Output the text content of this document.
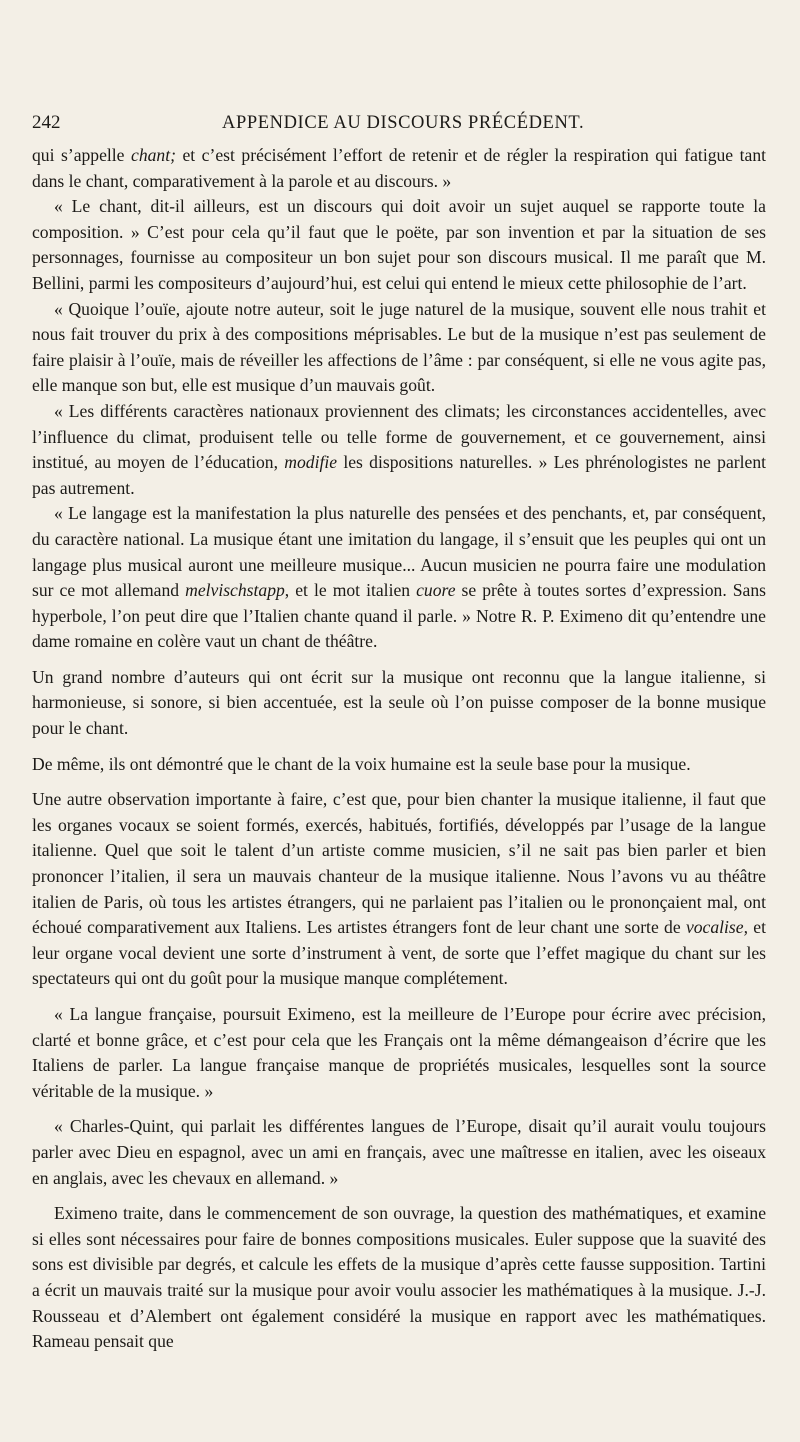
242	APPENDICE AU DISCOURS PRÉCÉDENT.

qui s’appelle chant; et c’est précisément l’effort de retenir et de régler la respiration qui fatigue tant dans le chant, comparativement à la parole et au discours. »

« Le chant, dit-il ailleurs, est un discours qui doit avoir un sujet auquel se rapporte toute la composition. » C’est pour cela qu’il faut que le poëte, par son invention et par la situation de ses personnages, fournisse au compositeur un bon sujet pour son discours musical. Il me paraît que M. Bellini, parmi les compositeurs d’aujourd’hui, est celui qui entend le mieux cette philosophie de l’art.

« Quoique l’ouïe, ajoute notre auteur, soit le juge naturel de la musique, souvent elle nous trahit et nous fait trouver du prix à des compositions méprisables. Le but de la musique n’est pas seulement de faire plaisir à l’ouïe, mais de réveiller les affections de l’âme : par conséquent, si elle ne vous agite pas, elle manque son but, elle est musique d’un mauvais goût.

« Les différents caractères nationaux proviennent des climats; les circonstances accidentelles, avec l’influence du climat, produisent telle ou telle forme de gouvernement, et ce gouvernement, ainsi institué, au moyen de l’éducation, modifie les dispositions naturelles. » Les phrénologistes ne parlent pas autrement.

« Le langage est la manifestation la plus naturelle des pensées et des penchants, et, par conséquent, du caractère national. La musique étant une imitation du langage, il s’ensuit que les peuples qui ont un langage plus musical auront une meilleure musique... Aucun musicien ne pourra faire une modulation sur ce mot allemand melvischstapp, et le mot italien cuore se prête à toutes sortes d’expression. Sans hyperbole, l’on peut dire que l’Italien chante quand il parle. » Notre R. P. Eximeno dit qu’entendre une dame romaine en colère vaut un chant de théâtre.

Un grand nombre d’auteurs qui ont écrit sur la musique ont reconnu que la langue italienne, si harmonieuse, si sonore, si bien accentuée, est la seule où l’on puisse composer de la bonne musique pour le chant.

De même, ils ont démontré que le chant de la voix humaine est la seule base pour la musique.

Une autre observation importante à faire, c’est que, pour bien chanter la musique italienne, il faut que les organes vocaux se soient formés, exercés, habitués, fortifiés, développés par l’usage de la langue italienne. Quel que soit le talent d’un artiste comme musicien, s’il ne sait pas bien parler et bien prononcer l’italien, il sera un mauvais chanteur de la musique italienne. Nous l’avons vu au théâtre italien de Paris, où tous les artistes étrangers, qui ne parlaient pas l’italien ou le prononçaient mal, ont échoué comparativement aux Italiens. Les artistes étrangers font de leur chant une sorte de vocalise, et leur organe vocal devient une sorte d’instrument à vent, de sorte que l’effet magique du chant sur les spectateurs qui ont du goût pour la musique manque complétement.

« La langue française, poursuit Eximeno, est la meilleure de l’Europe pour écrire avec précision, clarté et bonne grâce, et c’est pour cela que les Français ont la même démangeaison d’écrire que les Italiens de parler. La langue française manque de propriétés musicales, lesquelles sont la source véritable de la musique. »

« Charles-Quint, qui parlait les différentes langues de l’Europe, disait qu’il aurait voulu toujours parler avec Dieu en espagnol, avec un ami en français, avec une maîtresse en italien, avec les oiseaux en anglais, avec les chevaux en allemand. »

Eximeno traite, dans le commencement de son ouvrage, la question des mathématiques, et examine si elles sont nécessaires pour faire de bonnes compositions musicales. Euler suppose que la suavité des sons est divisible par degrés, et calcule les effets de la musique d’après cette fausse supposition. Tartini a écrit un mauvais traité sur la musique pour avoir voulu associer les mathématiques à la musique. J.-J. Rousseau et d’Alembert ont également considéré la musique en rapport avec les mathématiques. Rameau pensait que
